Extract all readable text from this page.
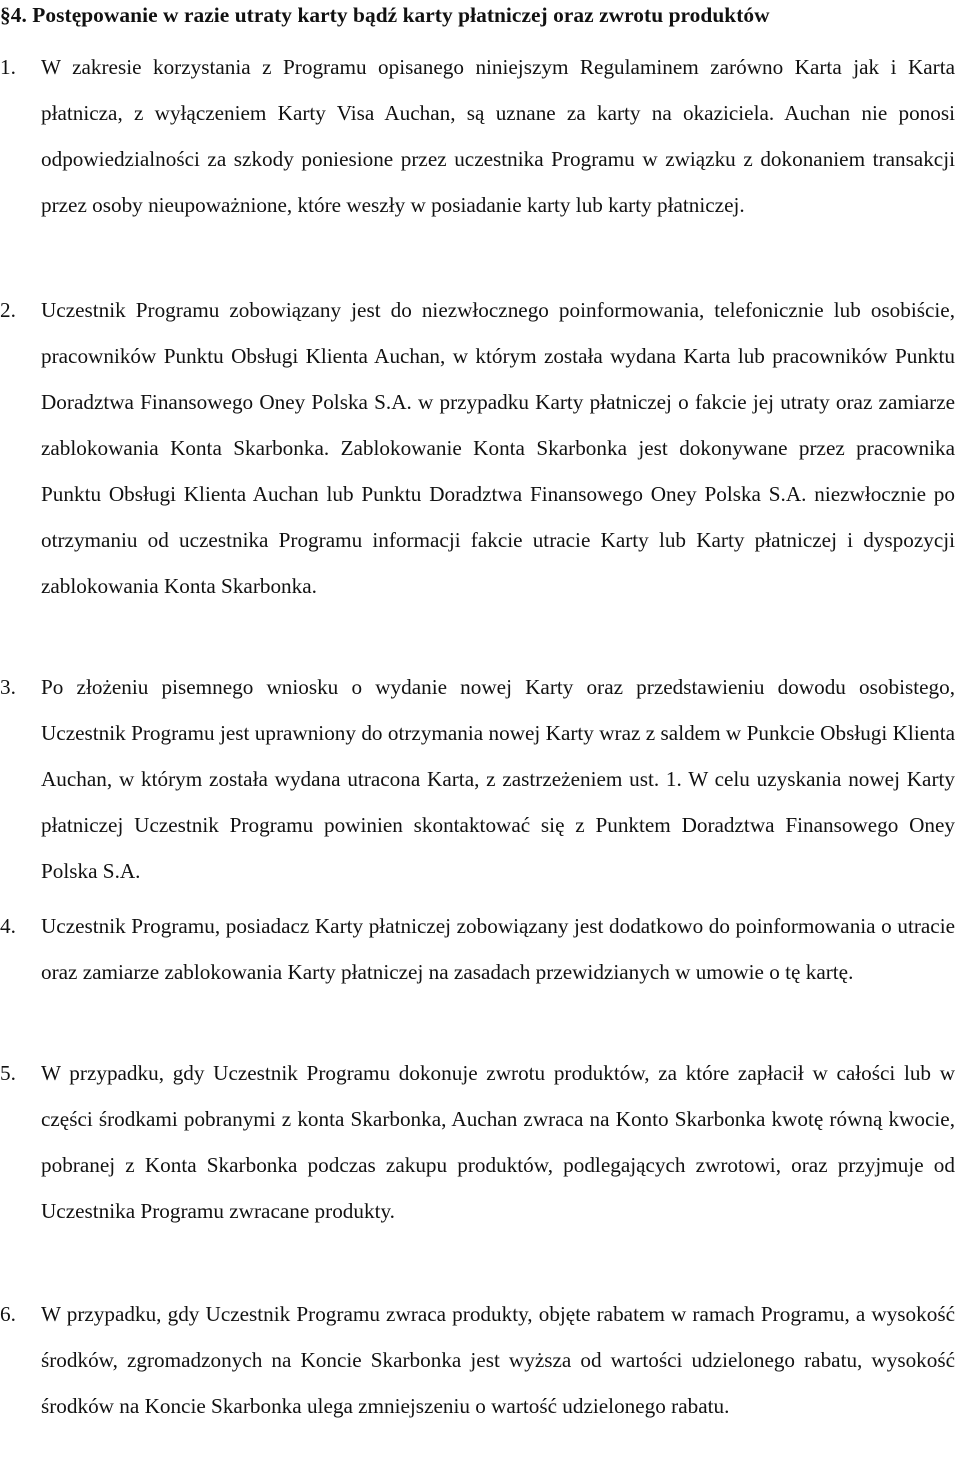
§4. Postępowanie w razie utraty karty bądź karty płatniczej oraz zwrotu produktów
1. W zakresie korzystania z Programu opisanego niniejszym Regulaminem zarówno Karta jak i Karta płatnicza, z wyłączeniem Karty Visa Auchan, są uznane za karty na okaziciela. Auchan nie ponosi odpowiedzialności za szkody poniesione przez uczestnika Programu w związku z dokonaniem transakcji przez osoby nieupoważnione, które weszły w posiadanie karty lub karty płatniczej.
2. Uczestnik Programu zobowiązany jest do niezwłocznego poinformowania, telefonicznie lub osobiście, pracowników Punktu Obsługi Klienta Auchan, w którym została wydana Karta lub pracowników Punktu Doradztwa Finansowego Oney Polska S.A. w przypadku Karty płatniczej o fakcie jej utraty oraz zamiarze zablokowania Konta Skarbonka. Zablokowanie Konta Skarbonka jest dokonywane przez pracownika Punktu Obsługi Klienta Auchan lub Punktu Doradztwa Finansowego Oney Polska S.A. niezwłocznie po otrzymaniu od uczestnika Programu informacji fakcie utracie Karty lub Karty płatniczej i dyspozycji zablokowania Konta Skarbonka.
3. Po złożeniu pisemnego wniosku o wydanie nowej Karty oraz przedstawieniu dowodu osobistego, Uczestnik Programu jest uprawniony do otrzymania nowej Karty wraz z saldem w Punkcie Obsługi Klienta Auchan, w którym została wydana utracona Karta, z zastrzeżeniem ust. 1. W celu uzyskania nowej Karty płatniczej Uczestnik Programu powinien skontaktować się z Punktem Doradztwa Finansowego Oney Polska S.A.
4. Uczestnik Programu, posiadacz Karty płatniczej zobowiązany jest dodatkowo do poinformowania o utracie oraz zamiarze zablokowania Karty płatniczej na zasadach przewidzianych w umowie o tę kartę.
5. W przypadku, gdy Uczestnik Programu dokonuje zwrotu produktów, za które zapłacił w całości lub w części środkami pobranymi z konta Skarbonka, Auchan zwraca na Konto Skarbonka kwotę równą kwocie, pobranej z Konta Skarbonka podczas zakupu produktów, podlegających zwrotowi, oraz przyjmuje od Uczestnika Programu zwracane produkty.
6. W przypadku, gdy Uczestnik Programu zwraca produkty, objęte rabatem w ramach Programu, a wysokość środków, zgromadzonych na Koncie Skarbonka jest wyższa od wartości udzielonego rabatu, wysokość środków na Koncie Skarbonka ulega zmniejszeniu o wartość udzielonego rabatu.
